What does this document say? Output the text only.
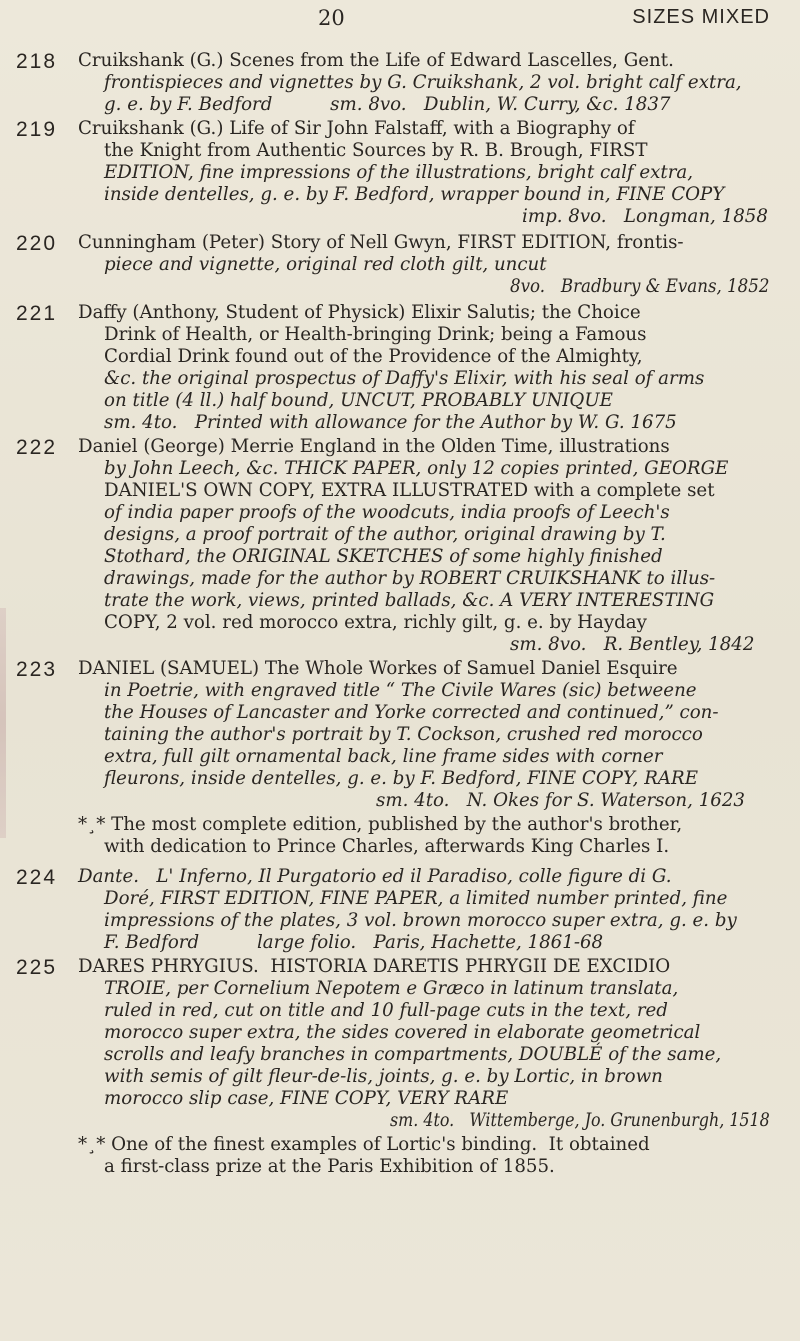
20	SIZES MIXED
218 Cruikshank (G.) Scenes from the Life of Edward Lascelles, Gent.
frontispieces and vignettes by G. Cruikshank, 2 vol. bright calf extra,
g. e. by F. Bedford          sm. 8vo.   Dublin, W. Curry, &c. 1837
219 Cruikshank (G.) Life of Sir John Falstaff, with a Biography of
the Knight from Authentic Sources by R. B. Brough, FIRST
EDITION, fine impressions of the illustrations, bright calf extra,
inside dentelles, g. e. by F. Bedford, wrapper bound in, FINE COPY
imp. 8vo.   Longman, 1858
220 Cunningham (Peter) Story of Nell Gwyn, FIRST EDITION, frontis-
piece and vignette, original red cloth gilt, uncut
8vo.   Bradbury & Evans, 1852
221 Daffy (Anthony, Student of Physick) Elixir Salutis; the Choice
Drink of Health, or Health-bringing Drink; being a Famous
Cordial Drink found out of the Providence of the Almighty,
&c. the original prospectus of Daffy's Elixir, with his seal of arms
on title (4 ll.) half bound, UNCUT, PROBABLY UNIQUE
sm. 4to.   Printed with allowance for the Author by W. G. 1675
222 Daniel (George) Merrie England in the Olden Time, illustrations
by John Leech, &c. THICK PAPER, only 12 copies printed, GEORGE
DANIEL'S OWN COPY, EXTRA ILLUSTRATED with a complete set
of india paper proofs of the woodcuts, india proofs of Leech's
designs, a proof portrait of the author, original drawing by T.
Stothard, the ORIGINAL SKETCHES of some highly finished
drawings, made for the author by ROBERT CRUIKSHANK to illus-
trate the work, views, printed ballads, &c. A VERY INTERESTING
COPY, 2 vol. red morocco extra, richly gilt, g. e. by Hayday
sm. 8vo.   R. Bentley, 1842
223 DANIEL (SAMUEL) The Whole Workes of Samuel Daniel Esquire
in Poetrie, with engraved title “ The Civile Wares (sic) betweene
the Houses of Lancaster and Yorke corrected and continued,” con-
taining the author's portrait by T. Cockson, crushed red morocco
extra, full gilt ornamental back, line frame sides with corner
fleurons, inside dentelles, g. e. by F. Bedford, FINE COPY, RARE
sm. 4to.   N. Okes for S. Waterson, 1623
*¸* The most complete edition, published by the author's brother,
with dedication to Prince Charles, afterwards King Charles I.
224 Dante.   L' Inferno, Il Purgatorio ed il Paradiso, colle figure di G.
Doré, FIRST EDITION, FINE PAPER, a limited number printed, fine
impressions of the plates, 3 vol. brown morocco super extra, g. e. by
F. Bedford          large folio.   Paris, Hachette, 1861-68
225 DARES PHRYGIUS.  HISTORIA DARETIS PHRYGII DE EXCIDIO
TROIE, per Cornelium Nepotem e Græco in latinum translata,
ruled in red, cut on title and 10 full-page cuts in the text, red
morocco super extra, the sides covered in elaborate geometrical
scrolls and leafy branches in compartments, DOUBLÉ of the same,
with semis of gilt fleur-de-lis, joints, g. e. by Lortic, in brown
morocco slip case, FINE COPY, VERY RARE
sm. 4to.   Wittemberge, Jo. Grunenburgh, 1518
*¸* One of the finest examples of Lortic's binding.  It obtained
a first-class prize at the Paris Exhibition of 1855.
